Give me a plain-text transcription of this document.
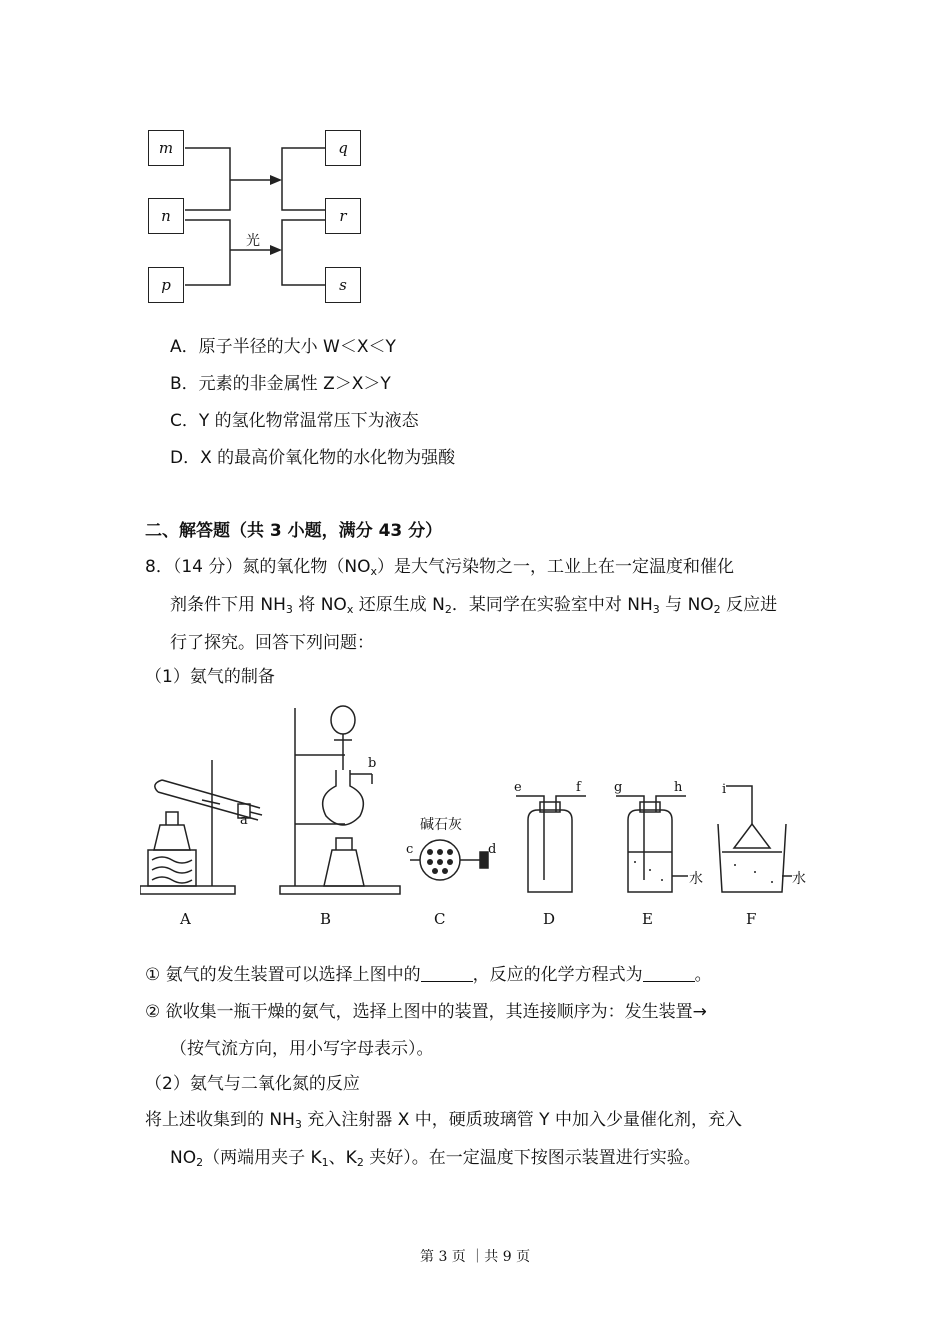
m
n
p
q
r
s
光
A．原子半径的大小 W＜X＜Y
B．元素的非金属性 Z＞X＞Y
C．Y 的氢化物常温常压下为液态
D．X 的最高价氧化物的水化物为强酸
二、解答题（共 3 小题，满分 43 分）
8．（14 分）氮的氧化物$(NO_x)$是大气污染物之一，工业上在一定温度和催化
剂条件下用 $NH_3$ 将 $NO_x$ 还原生成 $N_2$．某同学在实验室中对 $NH_3$ 与 $NO_2$ 反应进
行了探究。回答下列问题：
（1）氨气的制备
a
b
c	d
e	f	g	h	i
碱石灰
水	水
A	B	C	D	E	F
① 氨气的发生装置可以选择上图中的	，反应的化学方程式为	。
② 欲收集一瓶干燥的氨气，选择上图中的装置，其连接顺序为：发生装置→
（按气流方向，用小写字母表示）。
（2）氨气与二氧化氮的反应
将上述收集到的 $NH_3$ 充入注射器 X 中，硬质玻璃管 Y 中加入少量催化剂，充入
$NO_2$（两端用夹子 $K_1$、$K_2$ 夹好）。在一定温度下按图示装置进行实验。
第 3 页 ｜共 9 页
